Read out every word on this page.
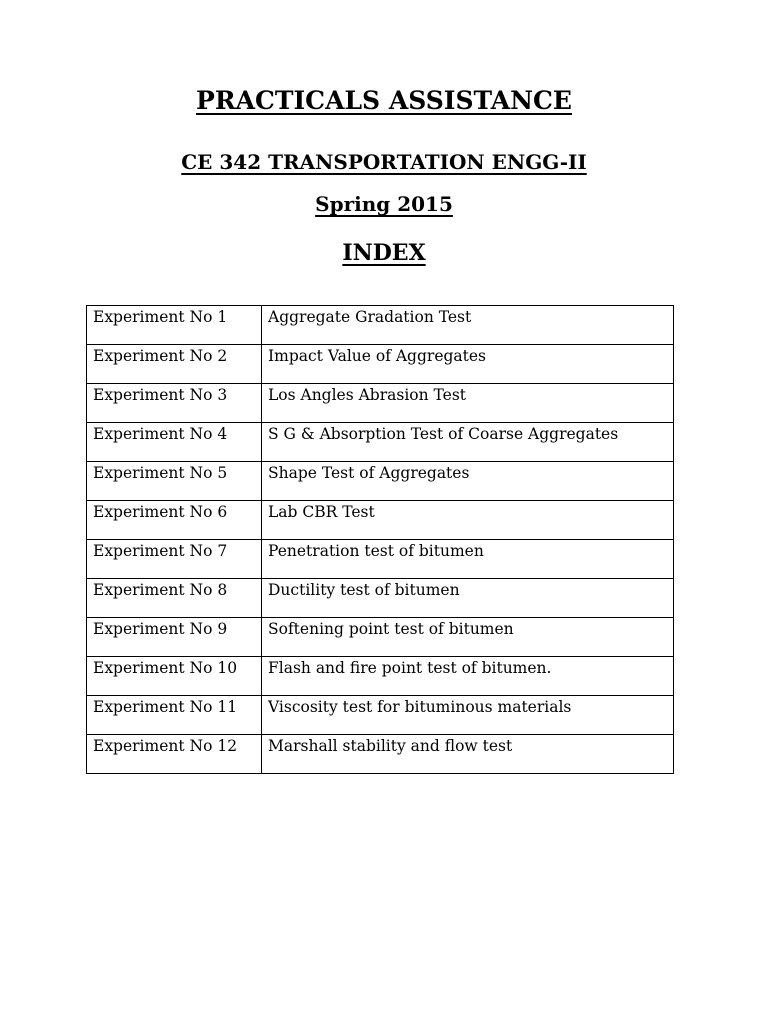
PRACTICALS ASSISTANCE
CE 342 TRANSPORTATION ENGG-II
Spring 2015
INDEX
Experiment No 1	Aggregate Gradation Test
Experiment No 2	Impact Value of Aggregates
Experiment No 3	Los Angles Abrasion Test
Experiment No 4	S G & Absorption Test of Coarse Aggregates
Experiment No 5	Shape Test of Aggregates
Experiment No 6	Lab CBR Test
Experiment No 7	Penetration test of bitumen
Experiment No 8	Ductility test of bitumen
Experiment No 9	Softening point test of bitumen
Experiment No 10	Flash and fire point test of bitumen.
Experiment No 11	Viscosity test for bituminous materials
Experiment No 12	Marshall stability and flow test
